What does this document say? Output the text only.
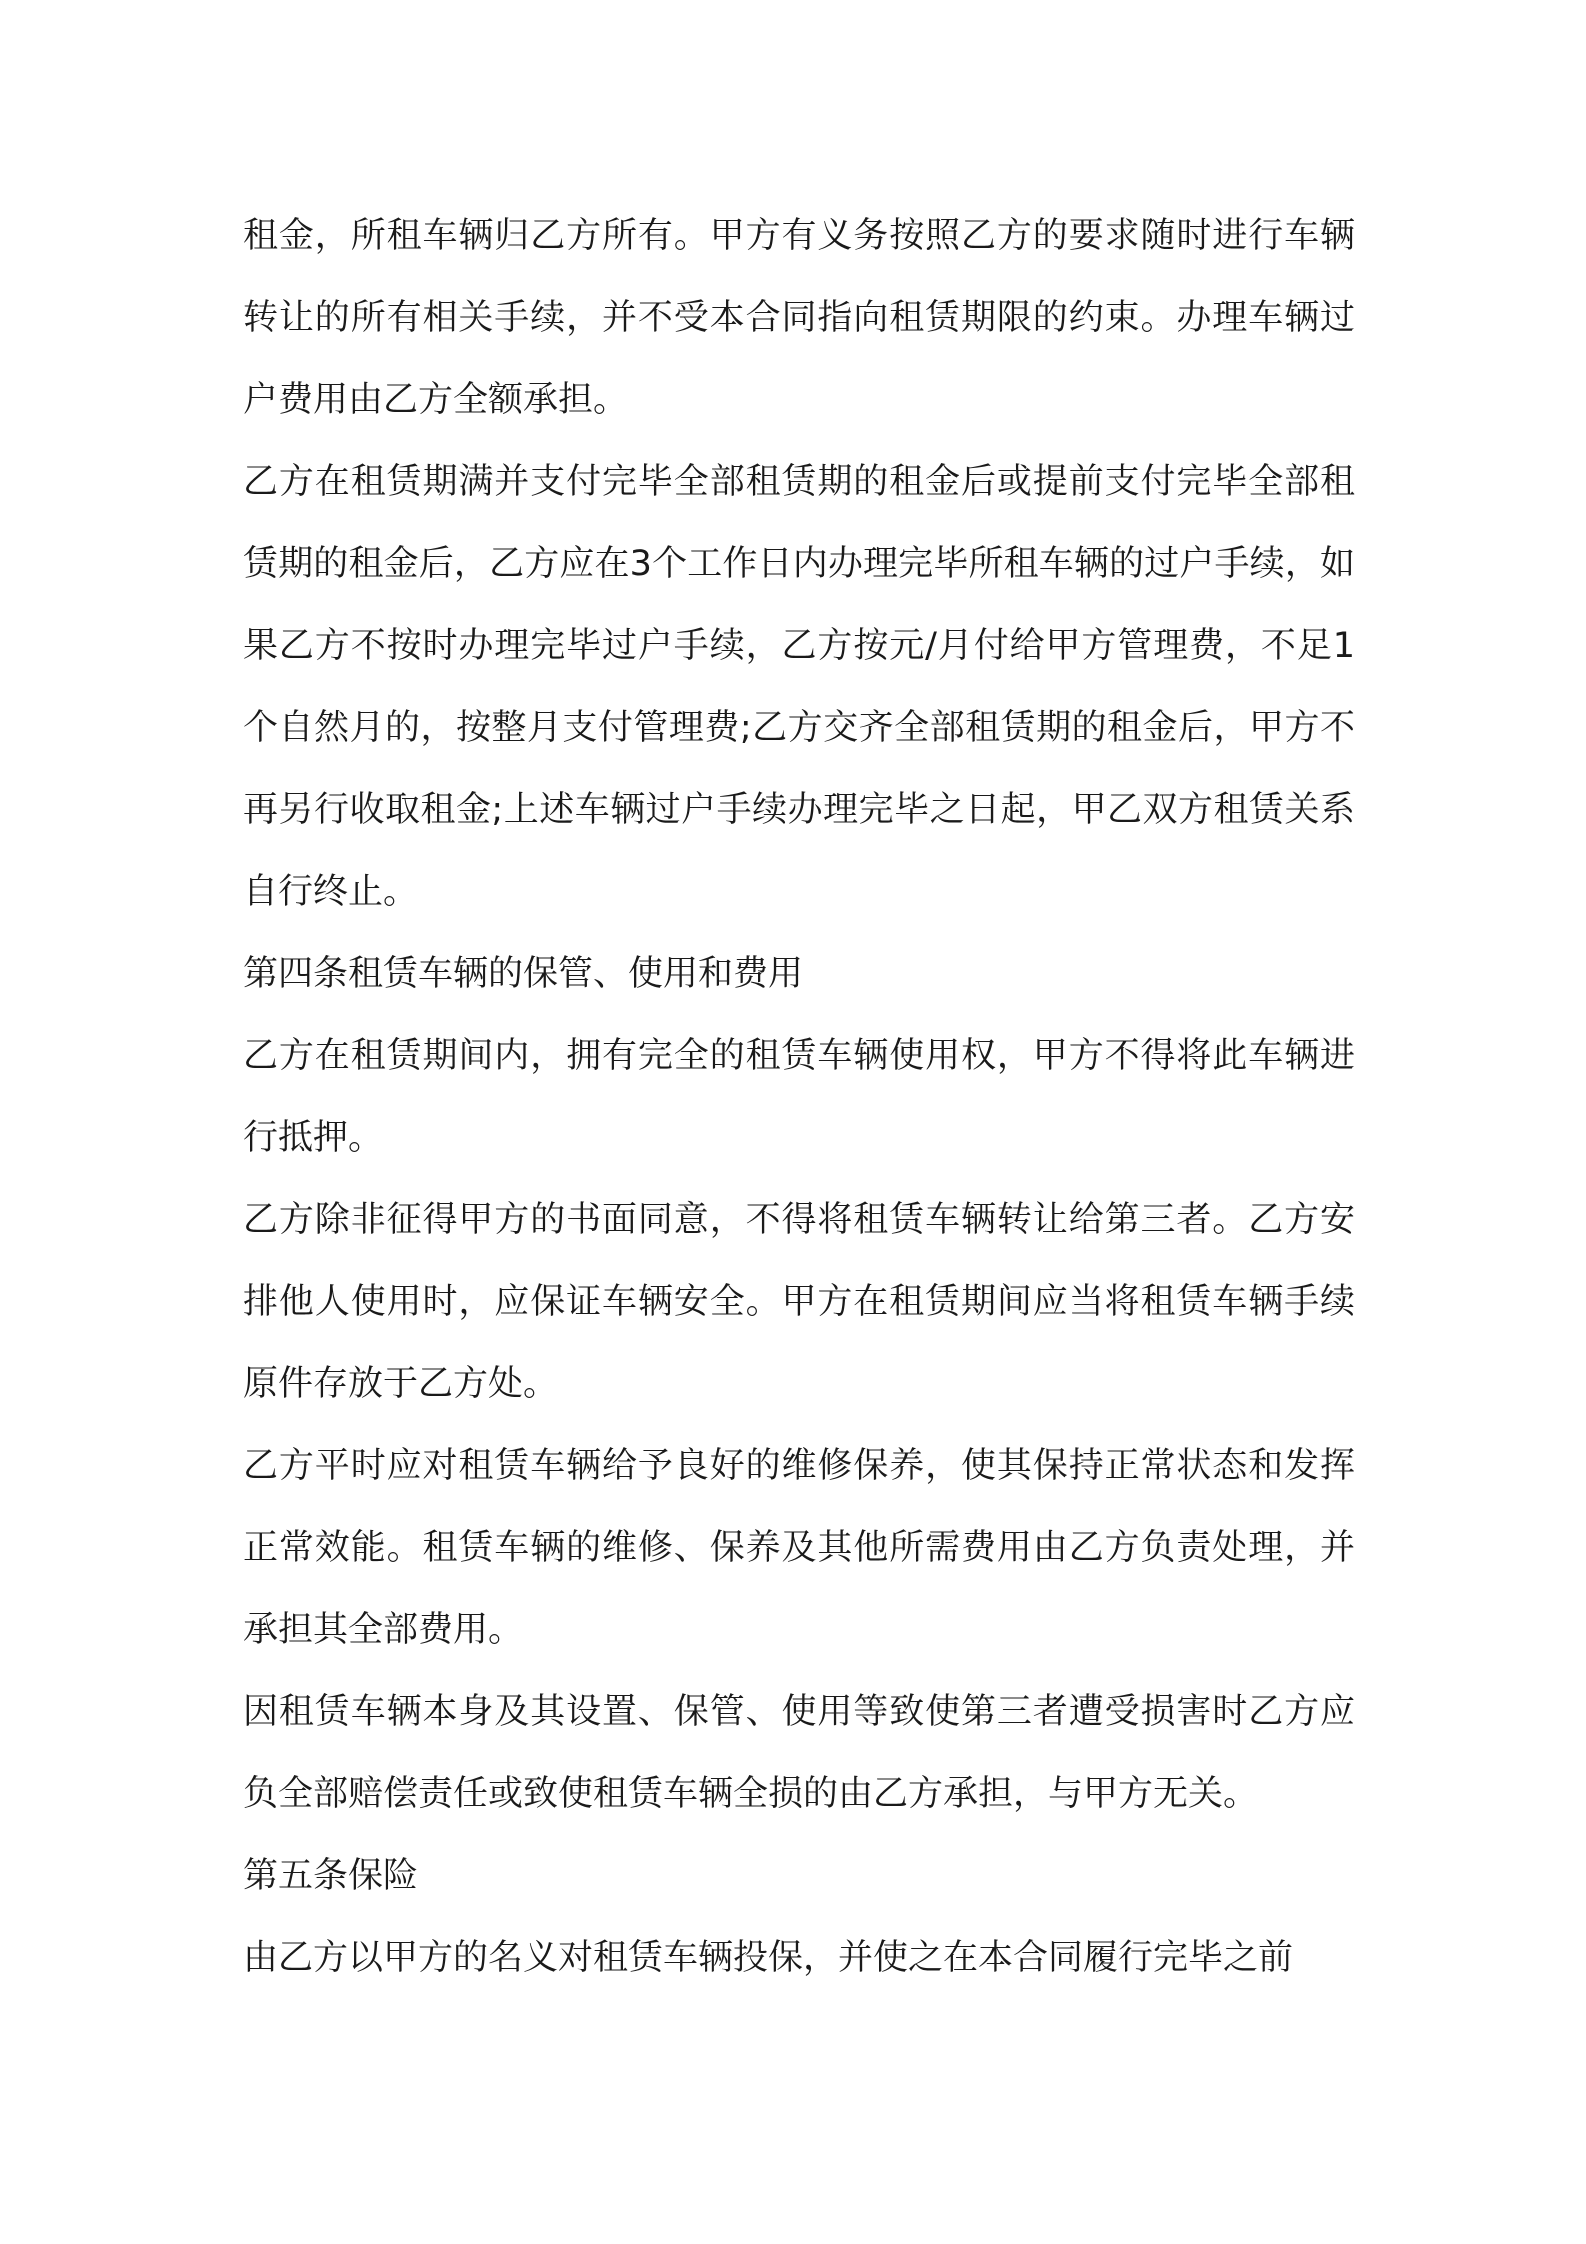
租金，所租车辆归乙方所有。甲方有义务按照乙方的要求随时进行车辆转让的所有相关手续，并不受本合同指向租赁期限的约束。办理车辆过户费用由乙方全额承担。

乙方在租赁期满并支付完毕全部租赁期的租金后或提前支付完毕全部租赁期的租金后，乙方应在3个工作日内办理完毕所租车辆的过户手续，如果乙方不按时办理完毕过户手续，乙方按元/月付给甲方管理费，不足1个自然月的，按整月支付管理费;乙方交齐全部租赁期的租金后，甲方不再另行收取租金;上述车辆过户手续办理完毕之日起，甲乙双方租赁关系自行终止。

第四条租赁车辆的保管、使用和费用

乙方在租赁期间内，拥有完全的租赁车辆使用权，甲方不得将此车辆进行抵押。

乙方除非征得甲方的书面同意，不得将租赁车辆转让给第三者。乙方安排他人使用时，应保证车辆安全。甲方在租赁期间应当将租赁车辆手续原件存放于乙方处。

乙方平时应对租赁车辆给予良好的维修保养，使其保持正常状态和发挥正常效能。租赁车辆的维修、保养及其他所需费用由乙方负责处理，并承担其全部费用。

因租赁车辆本身及其设置、保管、使用等致使第三者遭受损害时乙方应负全部赔偿责任或致使租赁车辆全损的由乙方承担，与甲方无关。

第五条保险

由乙方以甲方的名义对租赁车辆投保，并使之在本合同履行完毕之前
